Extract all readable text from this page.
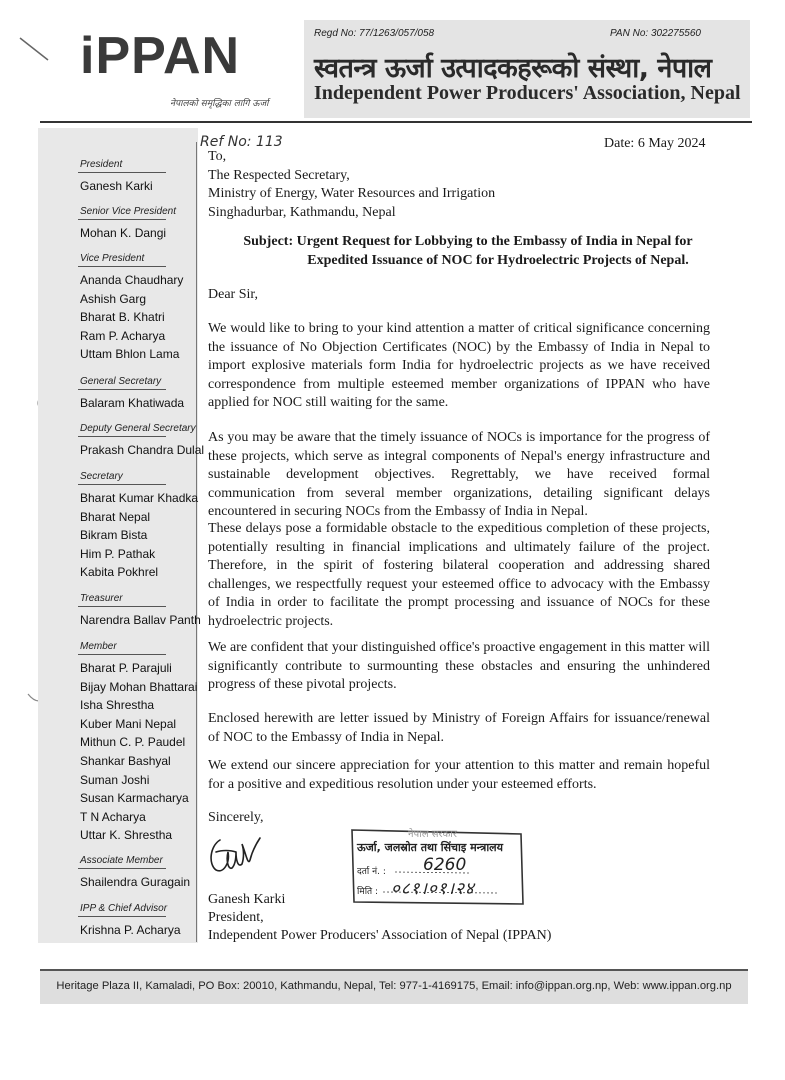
iPPAN
नेपालको समृद्धिका लागि ऊर्जा
Regd No: 77/1263/057/058	PAN No: 302275560
स्वतन्त्र ऊर्जा उत्पादकहरूको संस्था, नेपाल
Independent Power Producers' Association, Nepal
President
Ganesh Karki
Senior Vice President
Mohan K. Dangi
Vice President
Ananda Chaudhary
Ashish Garg
Bharat B. Khatri
Ram P. Acharya
Uttam Bhlon Lama
General Secretary
Balaram Khatiwada
Deputy General Secretary
Prakash Chandra Dulal
Secretary
Bharat Kumar Khadka
Bharat Nepal
Bikram Bista
Him P. Pathak
Kabita Pokhrel
Treasurer
Narendra Ballav Panth
Member
Bharat P. Parajuli
Bijay Mohan Bhattarai
Isha Shrestha
Kuber Mani Nepal
Mithun C. P. Paudel
Shankar Bashyal
Suman Joshi
Susan Karmacharya
T N Acharya
Uttar K. Shrestha
Associate Member
Shailendra Guragain
IPP & Chief Advisor
Krishna P. Acharya
Ref No: 113	Date: 6 May 2024
To,
The Respected Secretary,
Ministry of Energy, Water Resources and Irrigation
Singhadurbar, Kathmandu, Nepal
Subject: Urgent Request for Lobbying to the Embassy of India in Nepal for
Expedited Issuance of NOC for Hydroelectric Projects of Nepal.
Dear Sir,
We would like to bring to your kind attention a matter of critical significance concerning the issuance of No Objection Certificates (NOC) by the Embassy of India in Nepal to import explosive materials form India for hydroelectric projects as we have received correspondence from multiple esteemed member organizations of IPPAN who have applied for NOC still waiting for the same.
As you may be aware that the timely issuance of NOCs is importance for the progress of these projects, which serve as integral components of Nepal's energy infrastructure and sustainable development objectives. Regrettably, we have received formal communication from several member organizations, detailing significant delays encountered in securing NOCs from the Embassy of India in Nepal.
These delays pose a formidable obstacle to the expeditious completion of these projects, potentially resulting in financial implications and ultimately failure of the project. Therefore, in the spirit of fostering bilateral cooperation and addressing shared challenges, we respectfully request your esteemed office to advocacy with the Embassy of India in order to facilitate the prompt processing and issuance of NOCs for these hydroelectric projects.
We are confident that your distinguished office's proactive engagement in this matter will significantly contribute to surmounting these obstacles and ensuring the unhindered progress of these pivotal projects.
Enclosed herewith are letter issued by Ministry of Foreign Affairs for issuance/renewal of NOC to the Embassy of India in Nepal.
We extend our sincere appreciation for your attention to this matter and remain hopeful for a positive and expeditious resolution under your esteemed efforts.
Sincerely,
Ganesh Karki
President,
Independent Power Producers' Association of Nepal (IPPAN)
नेपाल सरकार
ऊर्जा, जलस्रोत तथा सिंचाइ मन्त्रालय
दर्ता नं. : 6260
मिति : ०८१।०१।२४
Heritage Plaza II, Kamaladi, PO Box: 20010, Kathmandu, Nepal, Tel: 977-1-4169175, Email: info@ippan.org.np, Web: www.ippan.org.np
